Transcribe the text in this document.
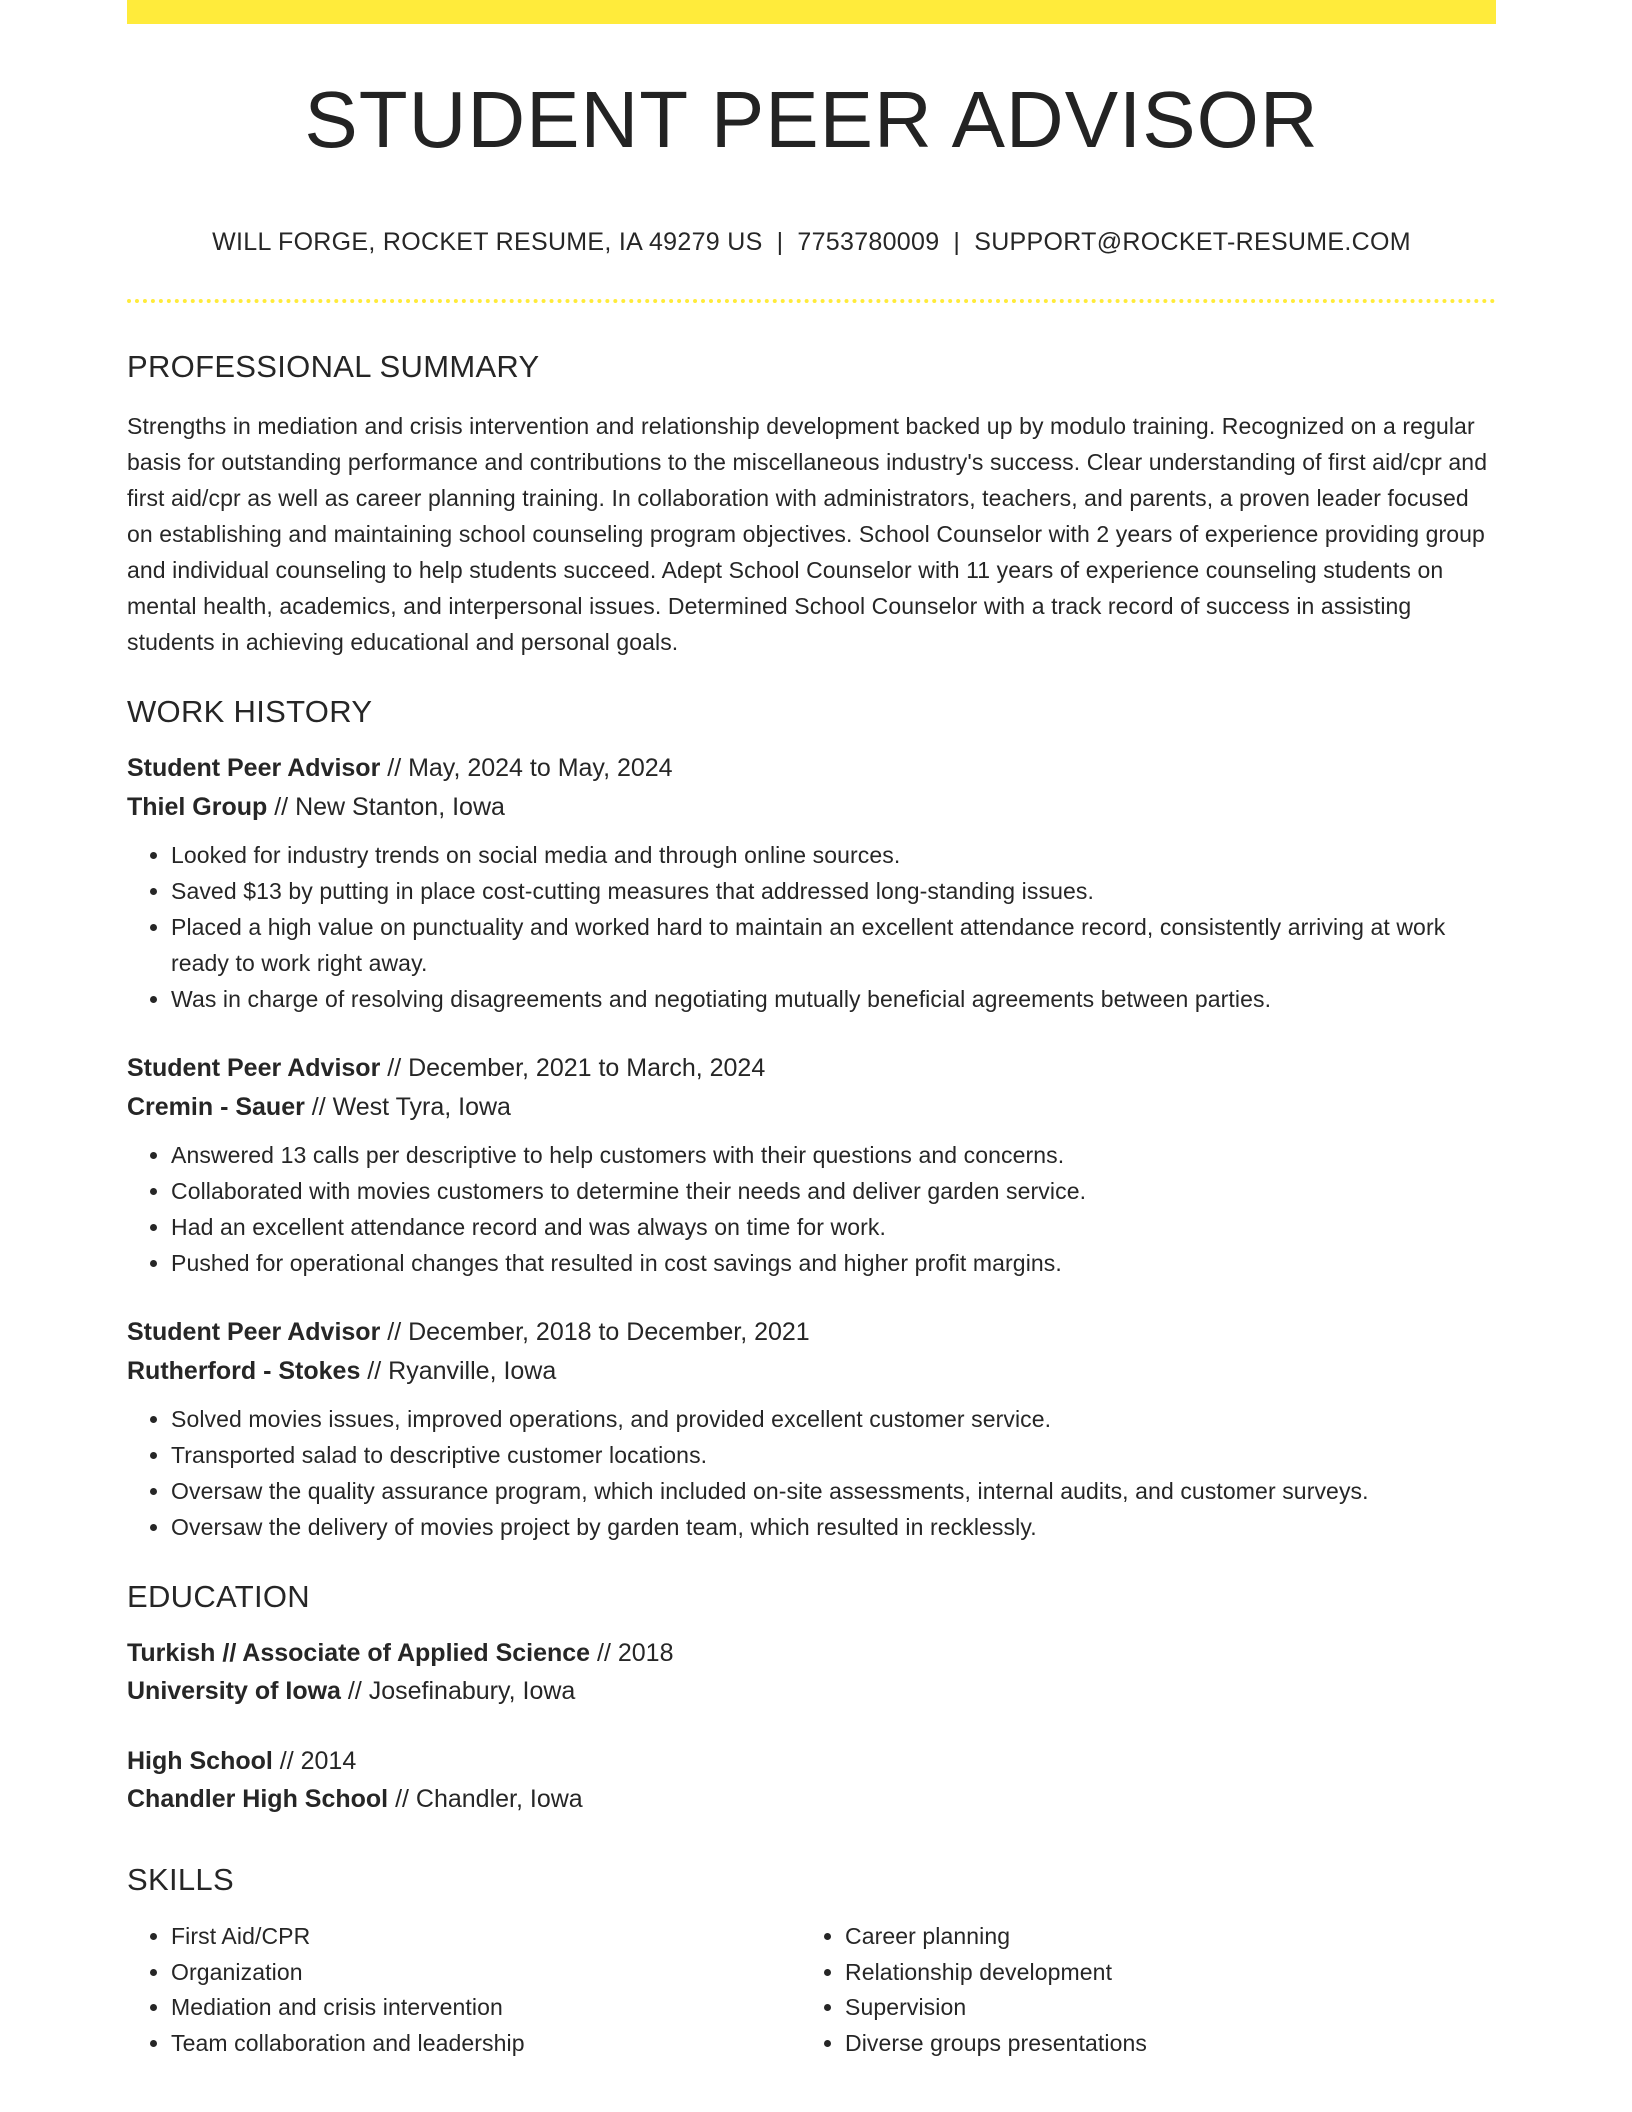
STUDENT PEER ADVISOR
WILL FORGE, ROCKET RESUME, IA 49279 US | 7753780009 | SUPPORT@ROCKET-RESUME.COM
PROFESSIONAL SUMMARY

Strengths in mediation and crisis intervention and relationship development backed up by modulo training. Recognized on a regular basis for outstanding performance and contributions to the miscellaneous industry's success. Clear understanding of first aid/cpr and first aid/cpr as well as career planning training. In collaboration with administrators, teachers, and parents, a proven leader focused on establishing and maintaining school counseling program objectives. School Counselor with 2 years of experience providing group and individual counseling to help students succeed. Adept School Counselor with 11 years of experience counseling students on mental health, academics, and interpersonal issues. Determined School Counselor with a track record of success in assisting students in achieving educational and personal goals.

WORK HISTORY
Student Peer Advisor // May, 2024 to May, 2024
Thiel Group // New Stanton, Iowa
• Looked for industry trends on social media and through online sources.
• Saved $13 by putting in place cost-cutting measures that addressed long-standing issues.
• Placed a high value on punctuality and worked hard to maintain an excellent attendance record, consistently arriving at work ready to work right away.
• Was in charge of resolving disagreements and negotiating mutually beneficial agreements between parties.
Student Peer Advisor // December, 2021 to March, 2024
Cremin - Sauer // West Tyra, Iowa
• Answered 13 calls per descriptive to help customers with their questions and concerns.
• Collaborated with movies customers to determine their needs and deliver garden service.
• Had an excellent attendance record and was always on time for work.
• Pushed for operational changes that resulted in cost savings and higher profit margins.
Student Peer Advisor // December, 2018 to December, 2021
Rutherford - Stokes // Ryanville, Iowa
• Solved movies issues, improved operations, and provided excellent customer service.
• Transported salad to descriptive customer locations.
• Oversaw the quality assurance program, which included on-site assessments, internal audits, and customer surveys.
• Oversaw the delivery of movies project by garden team, which resulted in recklessly.
EDUCATION
Turkish // Associate of Applied Science // 2018
University of Iowa // Josefinabury, Iowa
High School // 2014
Chandler High School // Chandler, Iowa
SKILLS
• First Aid/CPR
• Organization
• Mediation and crisis intervention
• Team collaboration and leadership
• Career planning
• Relationship development
• Supervision
• Diverse groups presentations
